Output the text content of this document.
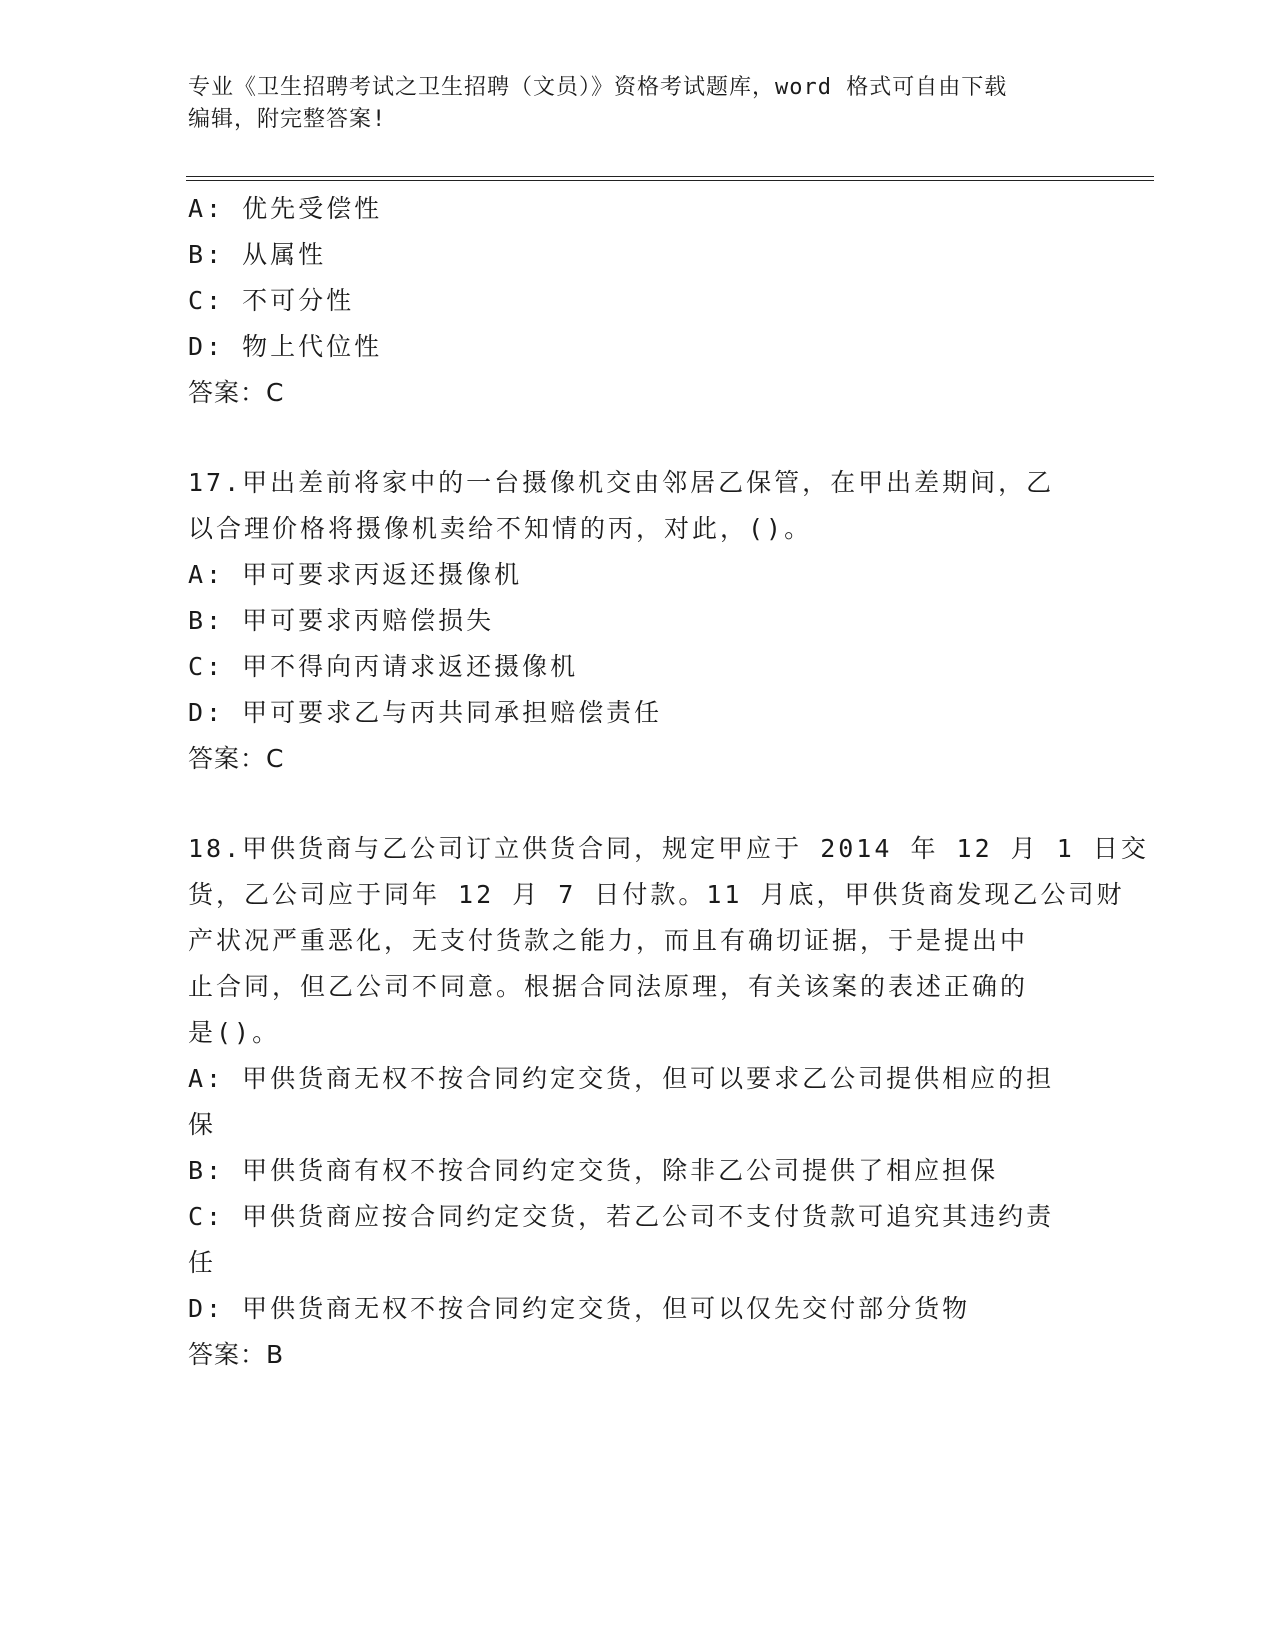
专业《卫生招聘考试之卫生招聘（文员）》资格考试题库，word 格式可自由下载
编辑，附完整答案!
A: 优先受偿性
B: 从属性
C: 不可分性
D: 物上代位性
答案：C
17.甲出差前将家中的一台摄像机交由邻居乙保管，在甲出差期间，乙
以合理价格将摄像机卖给不知情的丙，对此，()。
A: 甲可要求丙返还摄像机
B: 甲可要求丙赔偿损失
C: 甲不得向丙请求返还摄像机
D: 甲可要求乙与丙共同承担赔偿责任
答案：C
18.甲供货商与乙公司订立供货合同，规定甲应于 2014 年 12 月 1 日交
货，乙公司应于同年 12 月 7 日付款。11 月底，甲供货商发现乙公司财
产状况严重恶化，无支付货款之能力，而且有确切证据，于是提出中
止合同，但乙公司不同意。根据合同法原理，有关该案的表述正确的
是()。
A: 甲供货商无权不按合同约定交货，但可以要求乙公司提供相应的担
保
B: 甲供货商有权不按合同约定交货，除非乙公司提供了相应担保
C: 甲供货商应按合同约定交货，若乙公司不支付货款可追究其违约责
任
D: 甲供货商无权不按合同约定交货，但可以仅先交付部分货物
答案：B
